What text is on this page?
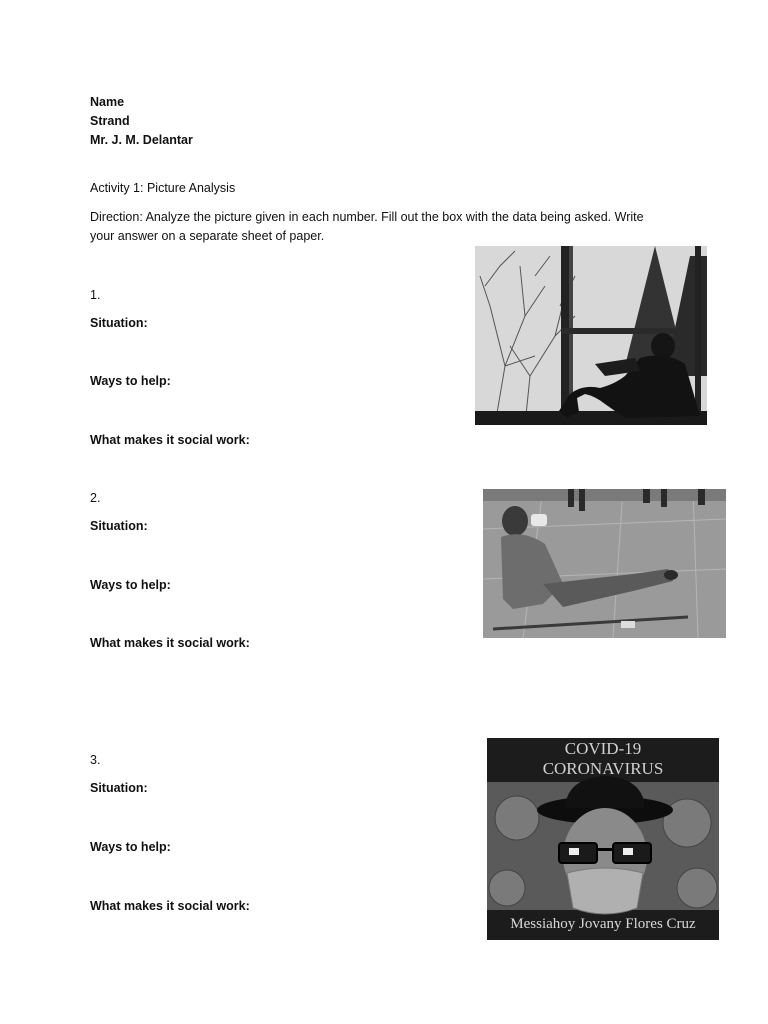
Name
Strand
Mr. J. M. Delantar
Activity 1: Picture Analysis
Direction: Analyze the picture given in each number. Fill out the box with the data being asked. Write your answer on a separate sheet of paper.
1.
Situation:
Ways to help:
What makes it social work:
2.
Situation:
Ways to help:
What makes it social work:
3.
Situation:
Ways to help:
What makes it social work:
COVID-19
CORONAVIRUS
Messiahoy Jovany Flores Cruz
